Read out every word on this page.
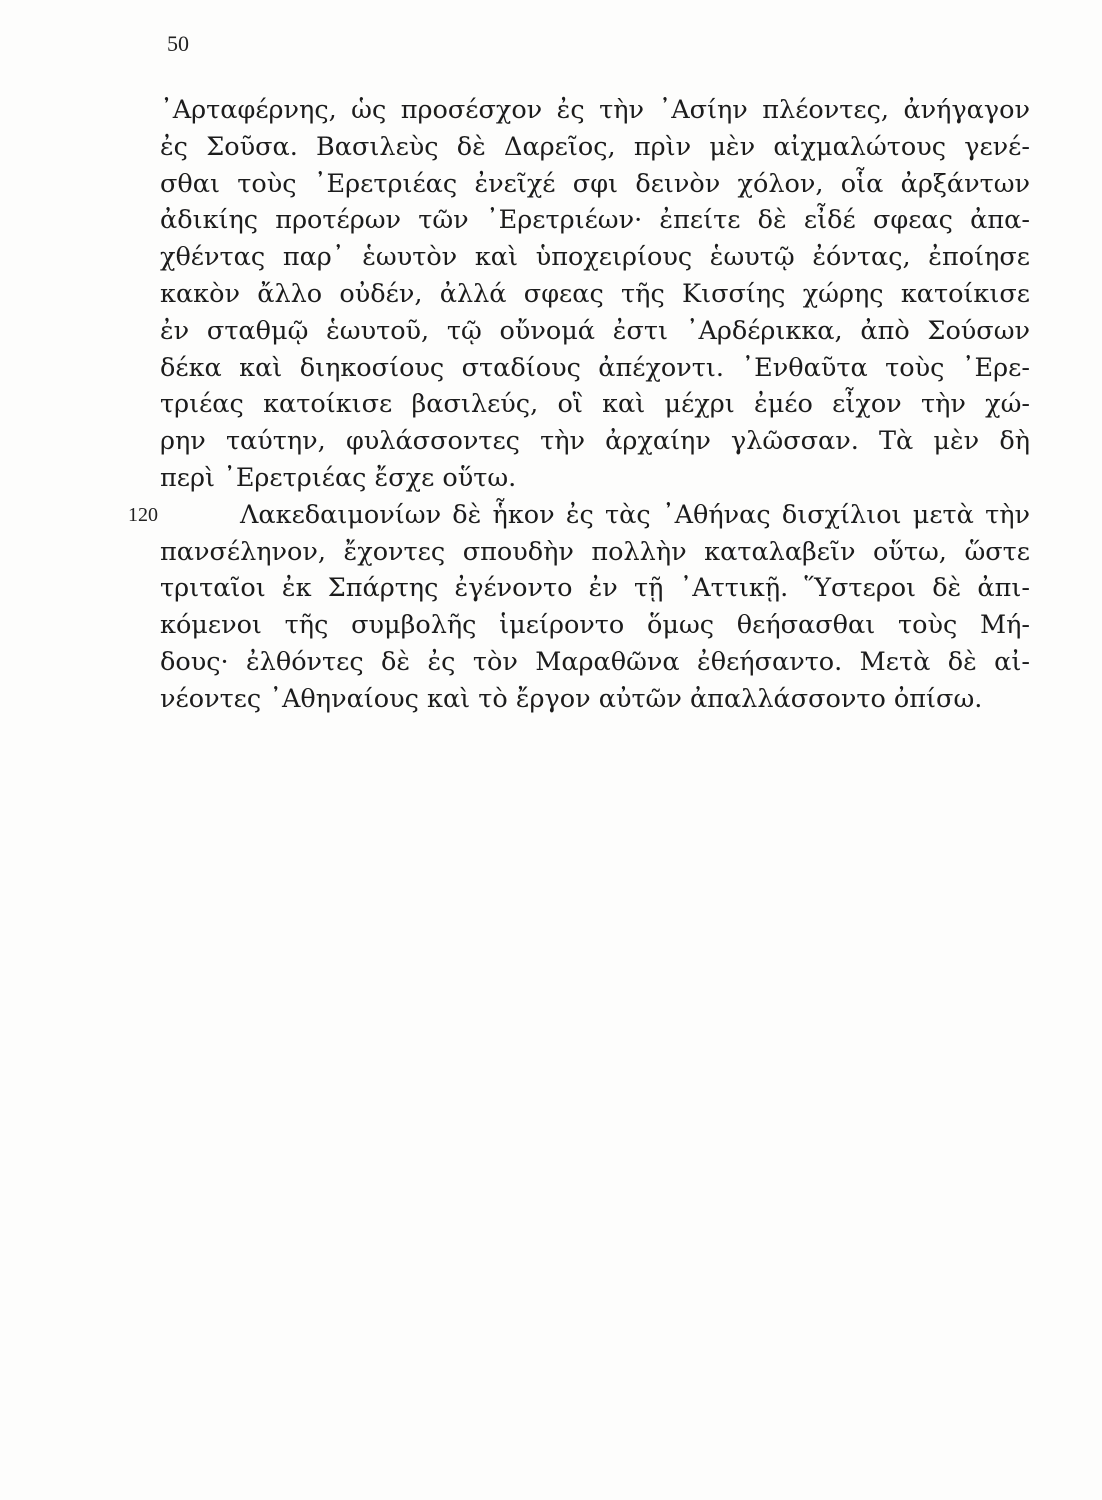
50
᾿Αρταφέρνης, ὡς προσέσχον ἐς τὴν ᾿Ασίην πλέοντες, ἀνήγαγον
ἐς Σοῦσα. Βασιλεὺς δὲ Δαρεῖος, πρὶν μὲν αἰχμαλώτους γενέ-
σθαι τοὺς ᾿Ερετριέας ἐνεῖχέ σφι δεινὸν χόλον, οἷα ἀρξάντων
ἀδικίης προτέρων τῶν ᾿Ερετριέων· ἐπείτε δὲ εἶδέ σφεας ἀπα-
χθέντας παρ᾿ ἑωυτὸν καὶ ὑποχειρίους ἑωυτῷ ἐόντας, ἐποίησε
κακὸν ἄλλο οὐδέν, ἀλλά σφεας τῆς Κισσίης χώρης κατοίκισε
ἐν σταθμῷ ἑωυτοῦ, τῷ οὔνομά ἐστι ᾿Αρδέρικκα, ἀπὸ Σούσων
δέκα καὶ διηκοσίους σταδίους ἀπέχοντι. ᾿Ενθαῦτα τοὺς ᾿Ερε-
τριέας κατοίκισε βασιλεύς, οἳ καὶ μέχρι ἐμέο εἶχον τὴν χώ-
ρην ταύτην, φυλάσσοντες τὴν ἀρχαίην γλῶσσαν. Τὰ μὲν δὴ
περὶ ᾿Ερετριέας ἔσχε οὕτω.
120	Λακεδαιμονίων δὲ ἧκον ἐς τὰς ᾿Αθήνας δισχίλιοι μετὰ τὴν
πανσέληνον, ἔχοντες σπουδὴν πολλὴν καταλαβεῖν οὕτω, ὥστε
τριταῖοι ἐκ Σπάρτης ἐγένοντο ἐν τῇ ᾿Αττικῇ. Ὕστεροι δὲ ἀπι-
κόμενοι τῆς συμβολῆς ἱμείροντο ὅμως θεήσασθαι τοὺς Μή-
δους· ἐλθόντες δὲ ἐς τὸν Μαραθῶνα ἐθεήσαντο. Μετὰ δὲ αἰ-
νέοντες ᾿Αθηναίους καὶ τὸ ἔργον αὐτῶν ἀπαλλάσσοντο ὀπίσω.
